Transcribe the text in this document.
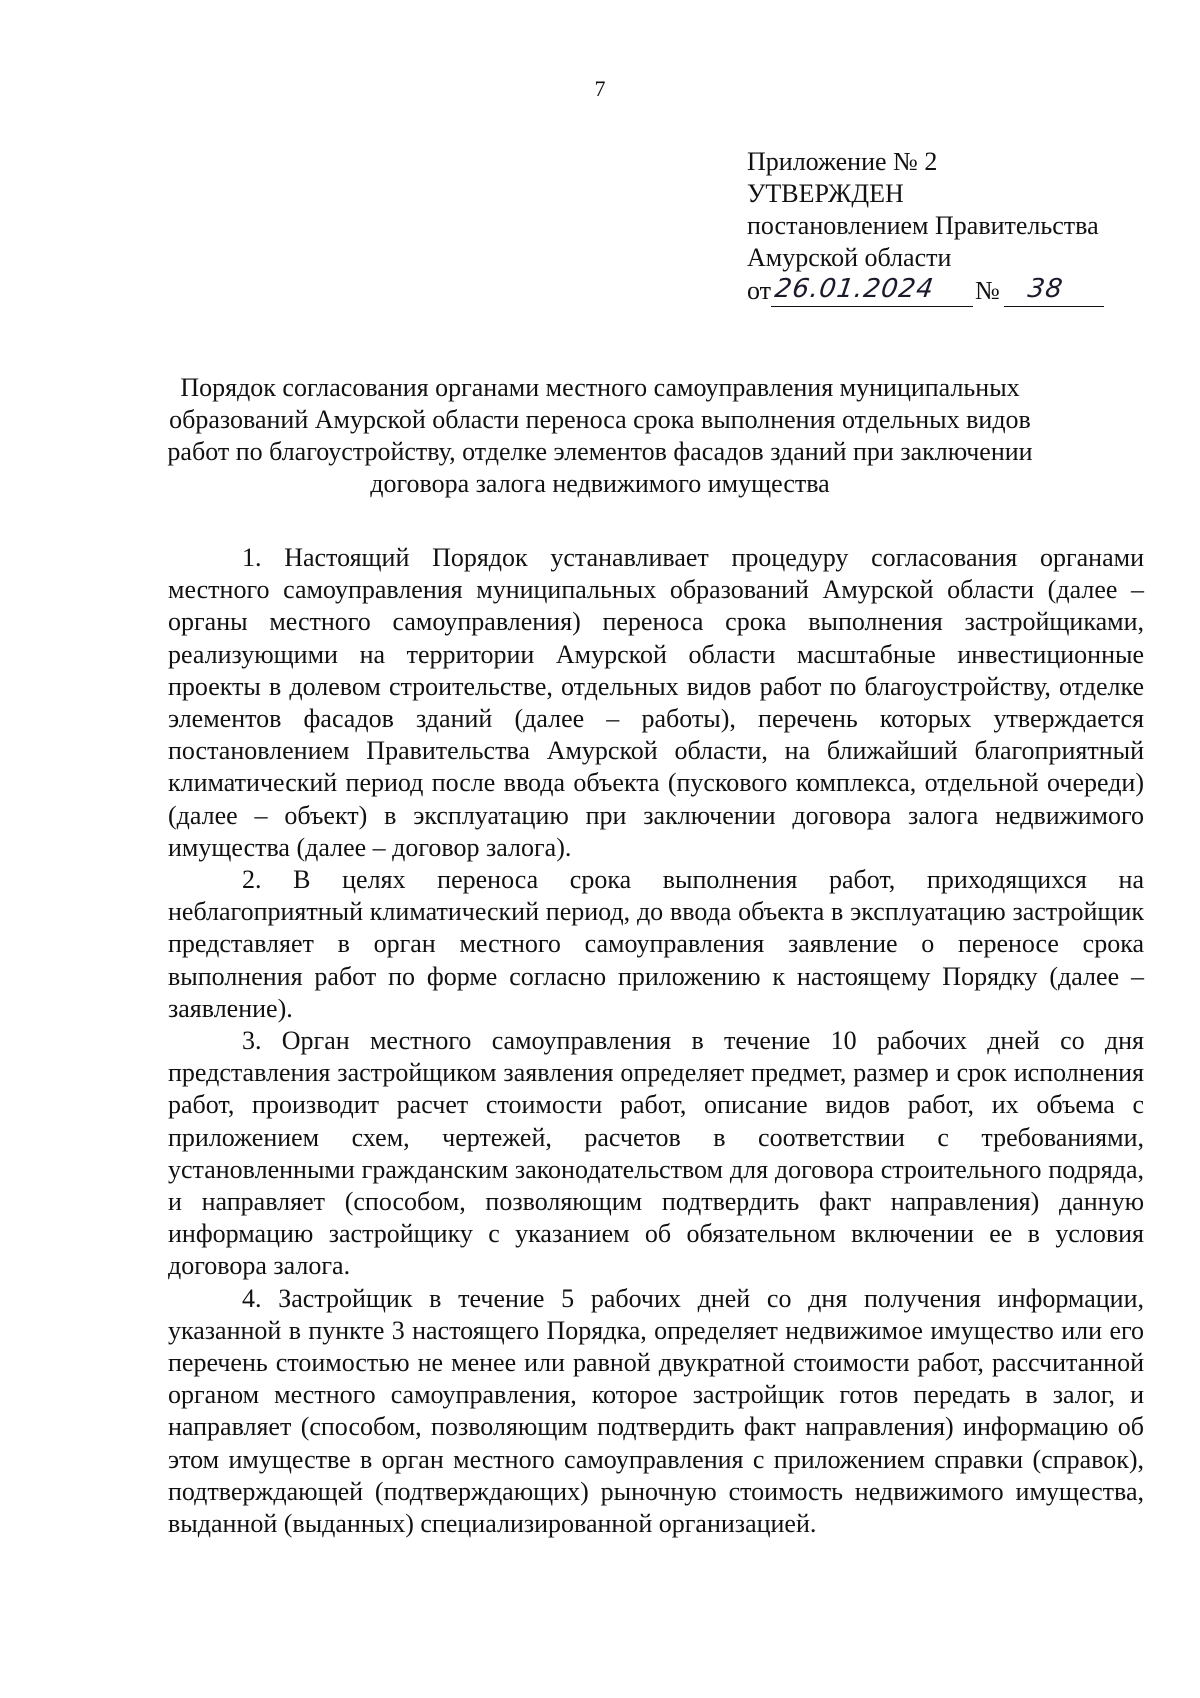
7
Приложение № 2
УТВЕРЖДЕН
постановлением Правительства
Амурской области
от 26.01.2024 № 38
Порядок согласования органами местного самоуправления муниципальных образований Амурской области переноса срока выполнения отдельных видов работ по благоустройству, отделке элементов фасадов зданий при заключении договора залога недвижимого имущества

1. Настоящий Порядок устанавливает процедуру согласования органами местного самоуправления муниципальных образований Амурской области (далее – органы местного самоуправления) переноса срока выполнения застройщиками, реализующими на территории Амурской области масштабные инвестиционные проекты в долевом строительстве, отдельных видов работ по благоустройству, отделке элементов фасадов зданий (далее – работы), перечень которых утверждается постановлением Правительства Амурской области, на ближайший благоприятный климатический период после ввода объекта (пускового комплекса, отдельной очереди) (далее – объект) в эксплуатацию при заключении договора залога недвижимого имущества (далее – договор залога).

2. В целях переноса срока выполнения работ, приходящихся на неблагоприятный климатический период, до ввода объекта в эксплуатацию застройщик представляет в орган местного самоуправления заявление о переносе срока выполнения работ по форме согласно приложению к настоящему Порядку (далее – заявление).

3. Орган местного самоуправления в течение 10 рабочих дней со дня представления застройщиком заявления определяет предмет, размер и срок исполнения работ, производит расчет стоимости работ, описание видов работ, их объема с приложением схем, чертежей, расчетов в соответствии с требованиями, установленными гражданским законодательством для договора строительного подряда, и направляет (способом, позволяющим подтвердить факт направления) данную информацию застройщику с указанием об обязательном включении ее в условия договора залога.

4. Застройщик в течение 5 рабочих дней со дня получения информации, указанной в пункте 3 настоящего Порядка, определяет недвижимое имущество или его перечень стоимостью не менее или равной двукратной стоимости работ, рассчитанной органом местного самоуправления, которое застройщик готов передать в залог, и направляет (способом, позволяющим подтвердить факт направления) информацию об этом имуществе в орган местного самоуправления с приложением справки (справок), подтверждающей (подтверждающих) рыночную стоимость недвижимого имущества, выданной (выданных) специализированной организацией.
